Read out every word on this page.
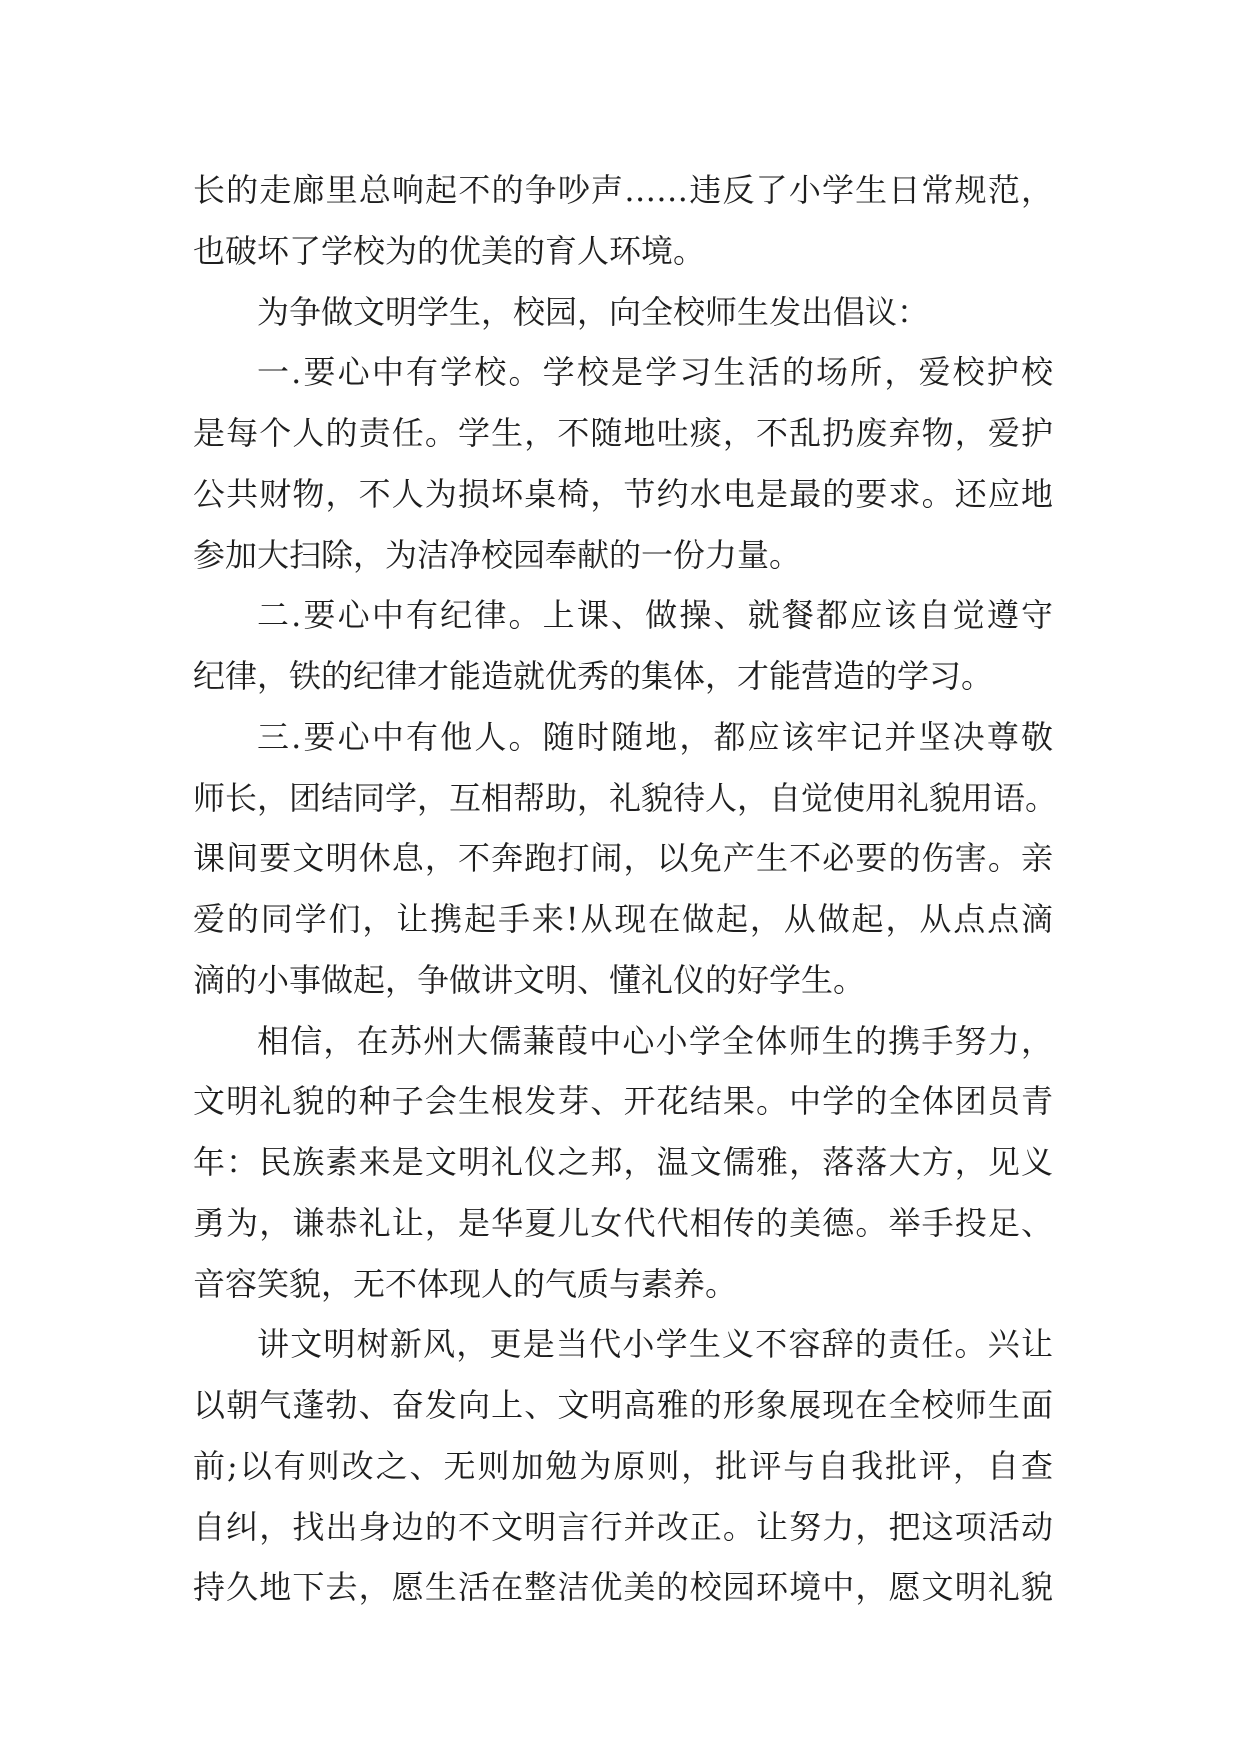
长的走廊里总响起不的争吵声……违反了小学生日常规范，
也破坏了学校为的优美的育人环境。
为争做文明学生，校园，向全校师生发出倡议：
一.要心中有学校。学校是学习生活的场所，爱校护校
是每个人的责任。学生，不随地吐痰，不乱扔废弃物，爱护
公共财物，不人为损坏桌椅，节约水电是最的要求。还应地
参加大扫除，为洁净校园奉献的一份力量。
二.要心中有纪律。上课、做操、就餐都应该自觉遵守
纪律，铁的纪律才能造就优秀的集体，才能营造的学习。
三.要心中有他人。随时随地，都应该牢记并坚决尊敬
师长，团结同学，互相帮助，礼貌待人，自觉使用礼貌用语。
课间要文明休息，不奔跑打闹，以免产生不必要的伤害。亲
爱的同学们，让携起手来!从现在做起，从做起，从点点滴
滴的小事做起，争做讲文明、懂礼仪的好学生。
相信，在苏州大儒蒹葭中心小学全体师生的携手努力，
文明礼貌的种子会生根发芽、开花结果。中学的全体团员青
年：民族素来是文明礼仪之邦，温文儒雅，落落大方，见义
勇为，谦恭礼让，是华夏儿女代代相传的美德。举手投足、
音容笑貌，无不体现人的气质与素养。
讲文明树新风，更是当代小学生义不容辞的责任。兴让
以朝气蓬勃、奋发向上、文明高雅的形象展现在全校师生面
前;以有则改之、无则加勉为原则，批评与自我批评，自查
自纠，找出身边的不文明言行并改正。让努力，把这项活动
持久地下去，愿生活在整洁优美的校园环境中，愿文明礼貌
